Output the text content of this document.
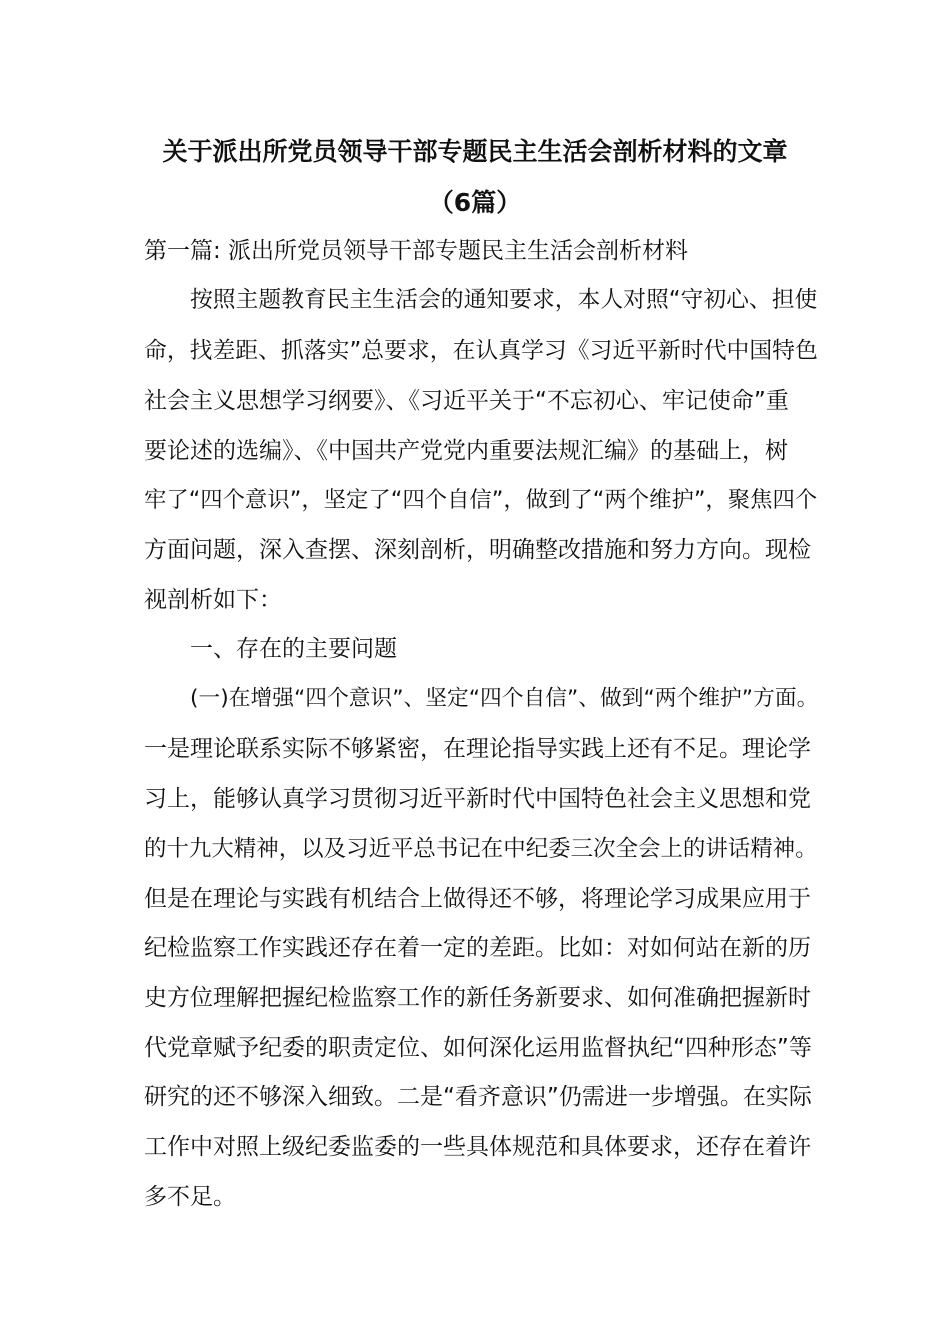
关于派出所党员领导干部专题民主生活会剖析材料的文章
（6篇）
第一篇: 派出所党员领导干部专题民主生活会剖析材料
按照主题教育民主生活会的通知要求，本人对照“守初心、担使
命，找差距、抓落实”总要求，在认真学习《习近平新时代中国特色
社会主义思想学习纲要》、《习近平关于“不忘初心、牢记使命”重
要论述的选编》、《中国共产党党内重要法规汇编》的基础上，树
牢了“四个意识”，坚定了“四个自信”，做到了“两个维护”，聚焦四个
方面问题，深入查摆、深刻剖析，明确整改措施和努力方向。现检
视剖析如下：
一、存在的主要问题
(一)在增强“四个意识”、坚定“四个自信”、做到“两个维护”方面。
一是理论联系实际不够紧密，在理论指导实践上还有不足。理论学
习上，能够认真学习贯彻习近平新时代中国特色社会主义思想和党
的十九大精神，以及习近平总书记在中纪委三次全会上的讲话精神。
但是在理论与实践有机结合上做得还不够，将理论学习成果应用于
纪检监察工作实践还存在着一定的差距。比如：对如何站在新的历
史方位理解把握纪检监察工作的新任务新要求、如何准确把握新时
代党章赋予纪委的职责定位、如何深化运用监督执纪“四种形态”等
研究的还不够深入细致。二是“看齐意识”仍需进一步增强。在实际
工作中对照上级纪委监委的一些具体规范和具体要求，还存在着许
多不足。
